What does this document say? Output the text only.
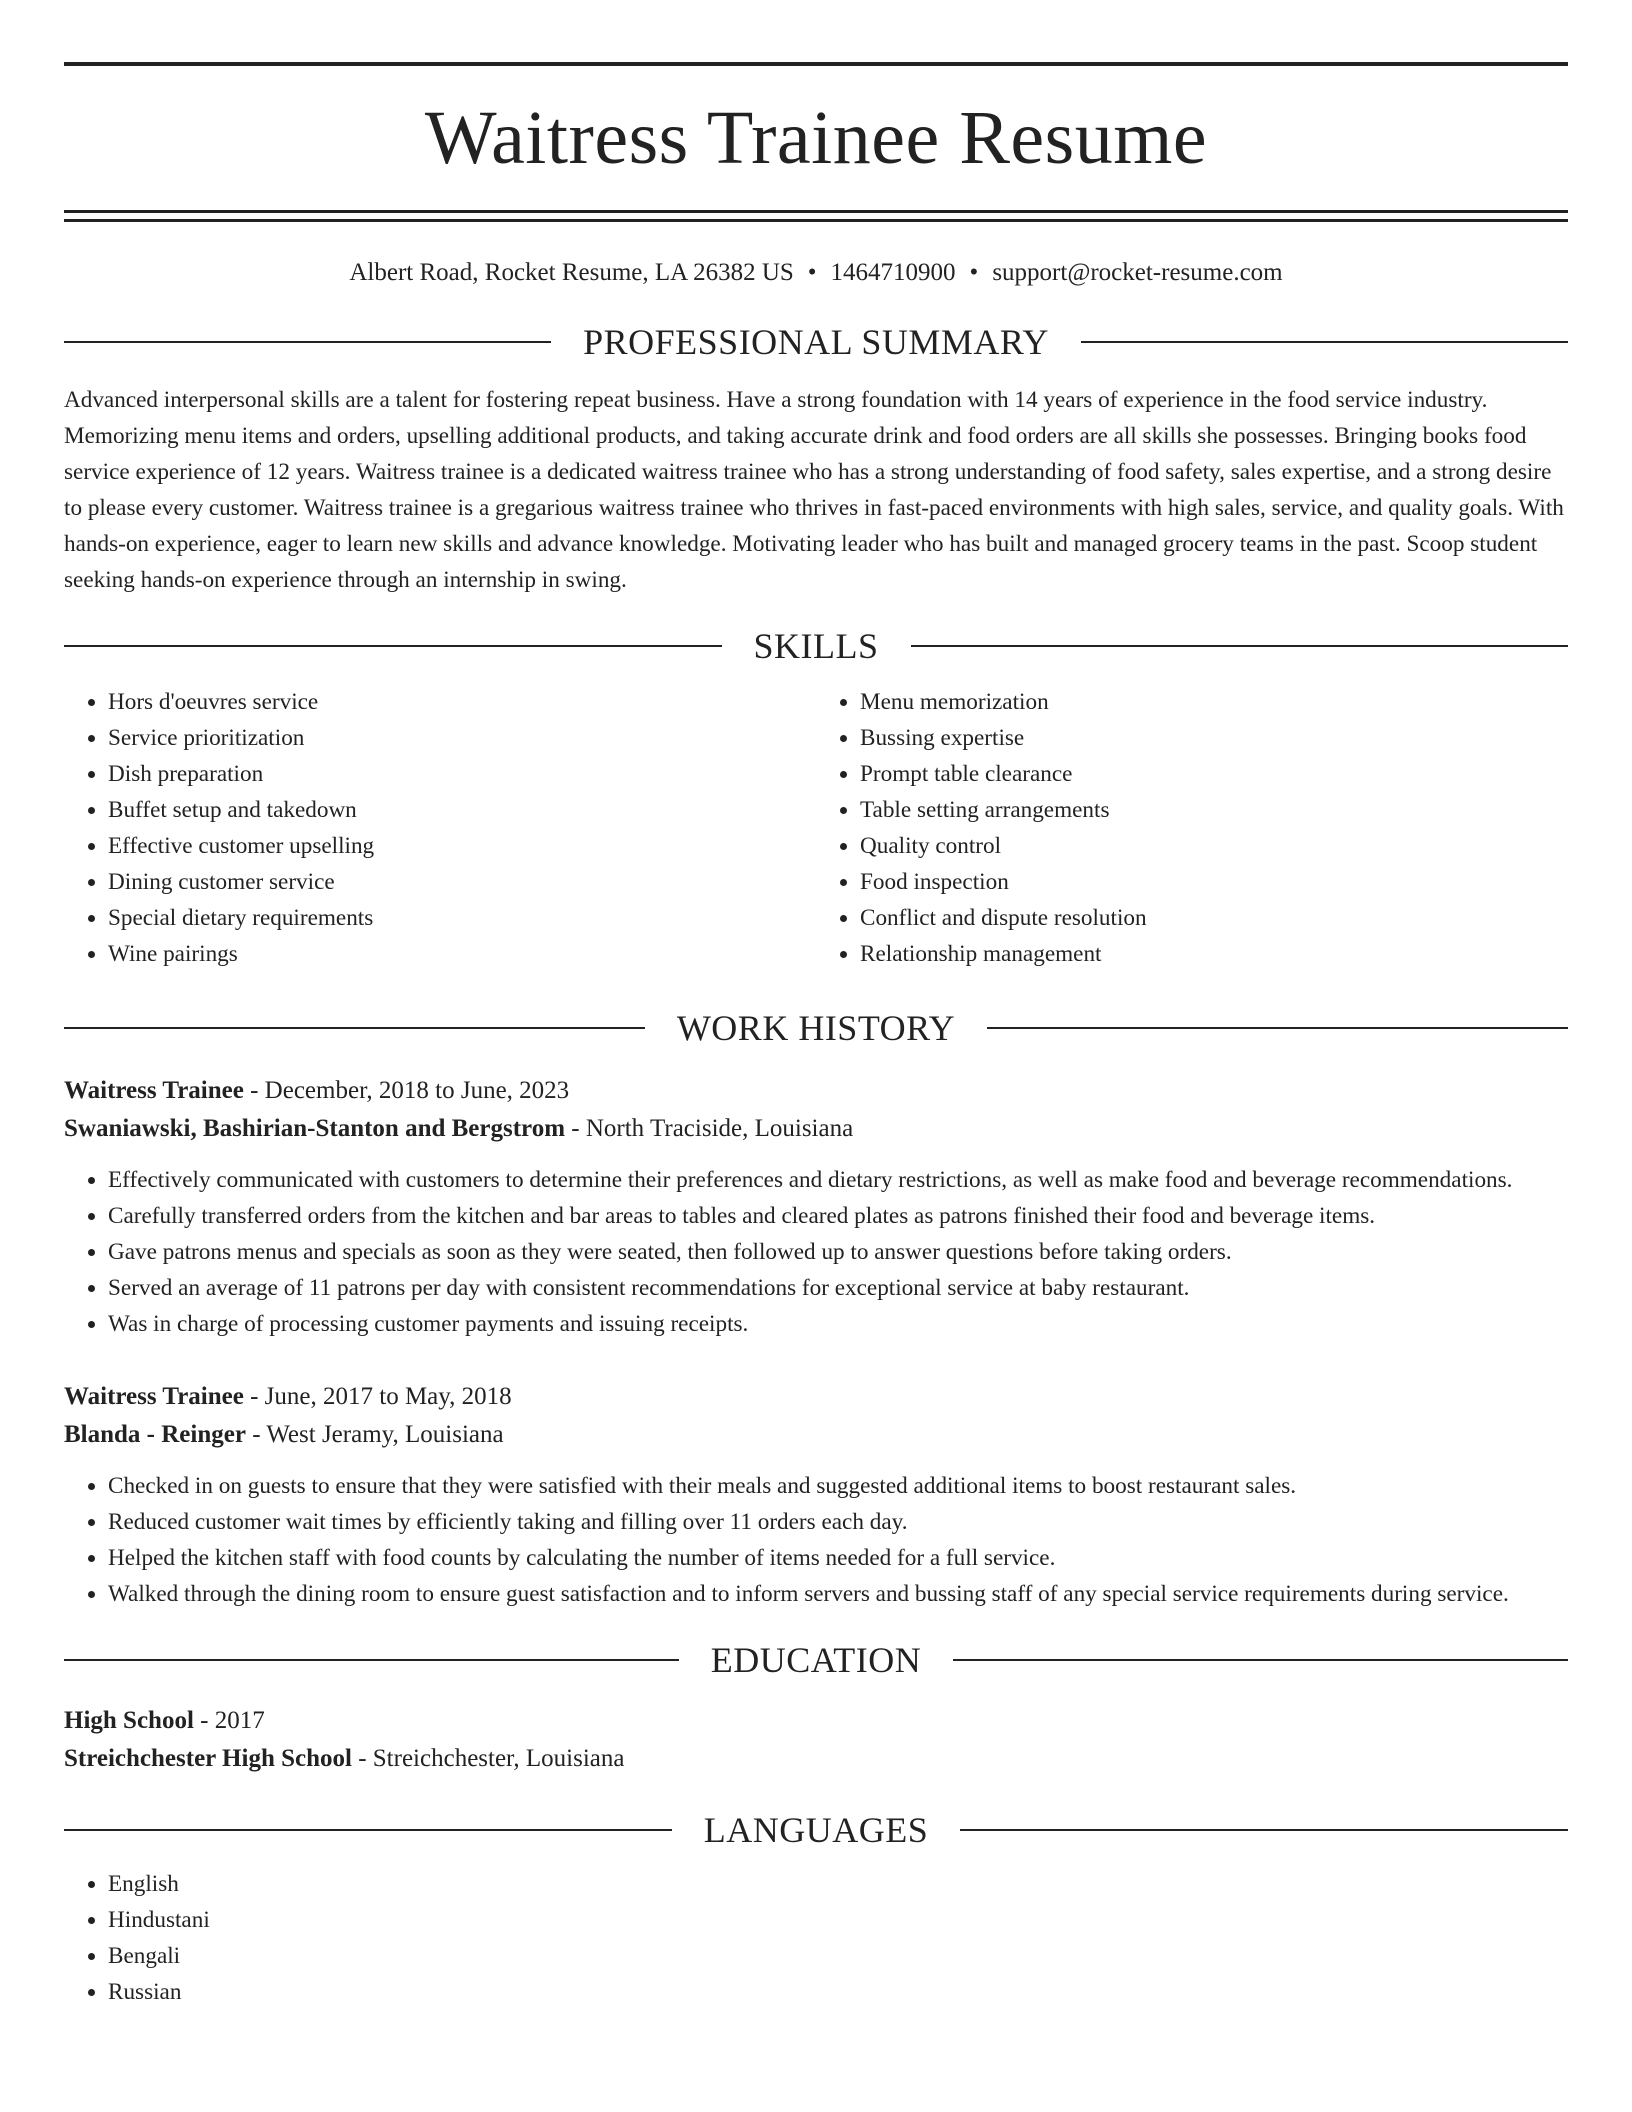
Waitress Trainee Resume
Albert Road, Rocket Resume, LA 26382 US • 1464710900 • support@rocket-resume.com
PROFESSIONAL SUMMARY
Advanced interpersonal skills are a talent for fostering repeat business. Have a strong foundation with 14 years of experience in the food service industry. Memorizing menu items and orders, upselling additional products, and taking accurate drink and food orders are all skills she possesses. Bringing books food service experience of 12 years. Waitress trainee is a dedicated waitress trainee who has a strong understanding of food safety, sales expertise, and a strong desire to please every customer. Waitress trainee is a gregarious waitress trainee who thrives in fast-paced environments with high sales, service, and quality goals. With hands-on experience, eager to learn new skills and advance knowledge. Motivating leader who has built and managed grocery teams in the past. Scoop student seeking hands-on experience through an internship in swing.
SKILLS
• Hors d'oeuvres service
• Service prioritization
• Dish preparation
• Buffet setup and takedown
• Effective customer upselling
• Dining customer service
• Special dietary requirements
• Wine pairings
• Menu memorization
• Bussing expertise
• Prompt table clearance
• Table setting arrangements
• Quality control
• Food inspection
• Conflict and dispute resolution
• Relationship management
WORK HISTORY
Waitress Trainee - December, 2018 to June, 2023
Swaniawski, Bashirian-Stanton and Bergstrom - North Traciside, Louisiana
• Effectively communicated with customers to determine their preferences and dietary restrictions, as well as make food and beverage recommendations.
• Carefully transferred orders from the kitchen and bar areas to tables and cleared plates as patrons finished their food and beverage items.
• Gave patrons menus and specials as soon as they were seated, then followed up to answer questions before taking orders.
• Served an average of 11 patrons per day with consistent recommendations for exceptional service at baby restaurant.
• Was in charge of processing customer payments and issuing receipts.
Waitress Trainee - June, 2017 to May, 2018
Blanda - Reinger - West Jeramy, Louisiana
• Checked in on guests to ensure that they were satisfied with their meals and suggested additional items to boost restaurant sales.
• Reduced customer wait times by efficiently taking and filling over 11 orders each day.
• Helped the kitchen staff with food counts by calculating the number of items needed for a full service.
• Walked through the dining room to ensure guest satisfaction and to inform servers and bussing staff of any special service requirements during service.
EDUCATION
High School - 2017
Streichchester High School - Streichchester, Louisiana
LANGUAGES
• English
• Hindustani
• Bengali
• Russian
